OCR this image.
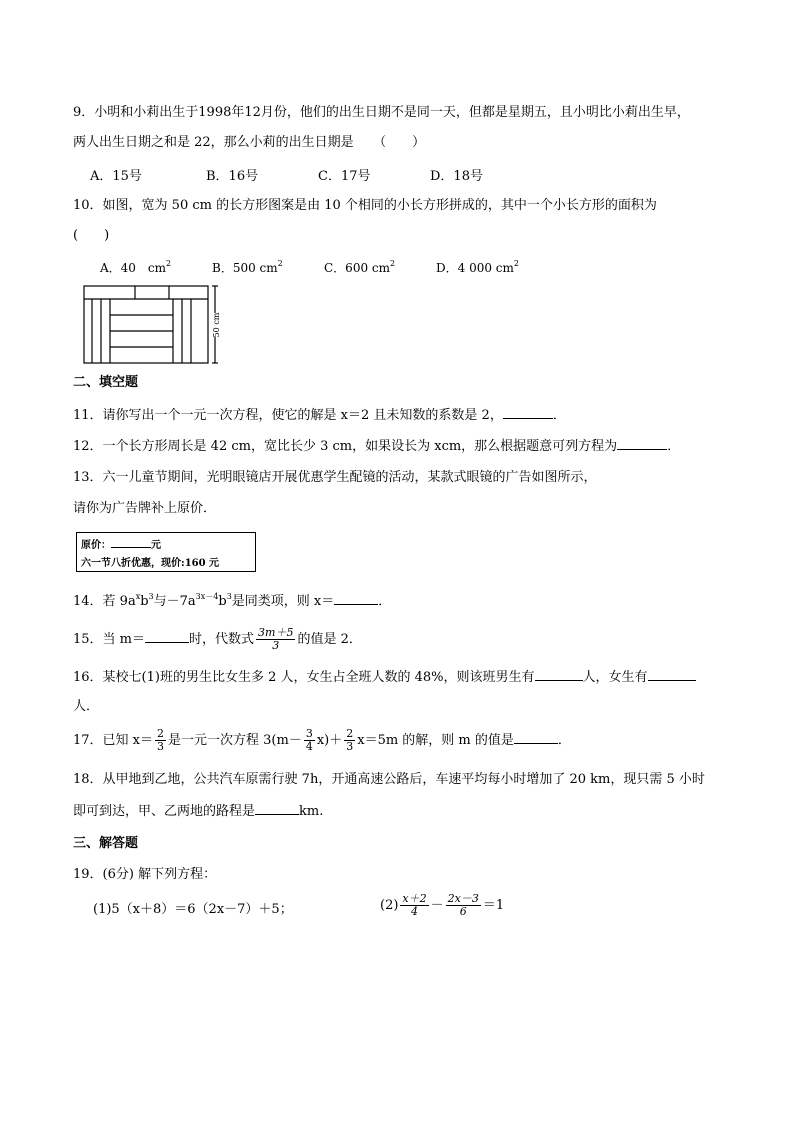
9．小明和小莉出生于1998年12月份，他们的出生日期不是同一天，但都是星期五，且小明比小莉出生早，
两人出生日期之和是 22，那么小莉的出生日期是　　（　　）
A．15号	B．16号	C．17号	D．18号
10．如图，宽为 50 cm 的长方形图案是由 10 个相同的小长方形拼成的，其中一个小长方形的面积为
(　　)
A．40　$cm^2$	B．500 $cm^2$	C．600 $cm^2$	D．4 000 $cm^2$
50 cm
二、填空题
11．请你写出一个一元一次方程，使它的解是 x＝2 且未知数的系数是 2，	．
12．一个长方形周长是 42 cm，宽比长少 3 cm，如果设长为 xcm，那么根据题意可列方程为	．
13．六一儿童节期间，光明眼镜店开展优惠学生配镜的活动，某款式眼镜的广告如图所示，
请你为广告牌补上原价．
原价：	元
六一节八折优惠，现价:160 元
14．若 $9a^xb^3$与$-7a^{3x-4}b^3$是同类项，则 x＝	．
15．当 m＝	时，代数式 $\frac{3m+5}{3}$ 的值是 2．
16．某校七(1)班的男生比女生多 2 人，女生占全班人数的 48%，则该班男生有	人，女生有
人．
17．已知 $x= \frac{2}{3}$ 是一元一次方程 $3(m- \frac{3}{4} x)+ \frac{2}{3} x=5m$ 的解，则 m 的值是	．
18．从甲地到乙地，公共汽车原需行驶 7h，开通高速公路后，车速平均每小时增加了 20 km，现只需 5 小时
即可到达，甲、乙两地的路程是	km.
三、解答题
19．(6分) 解下列方程：
(1)5（x＋8）＝6（2x－7）＋5；	$(2) \frac{x+2}{4} - \frac{2x-3}{6} =1$
